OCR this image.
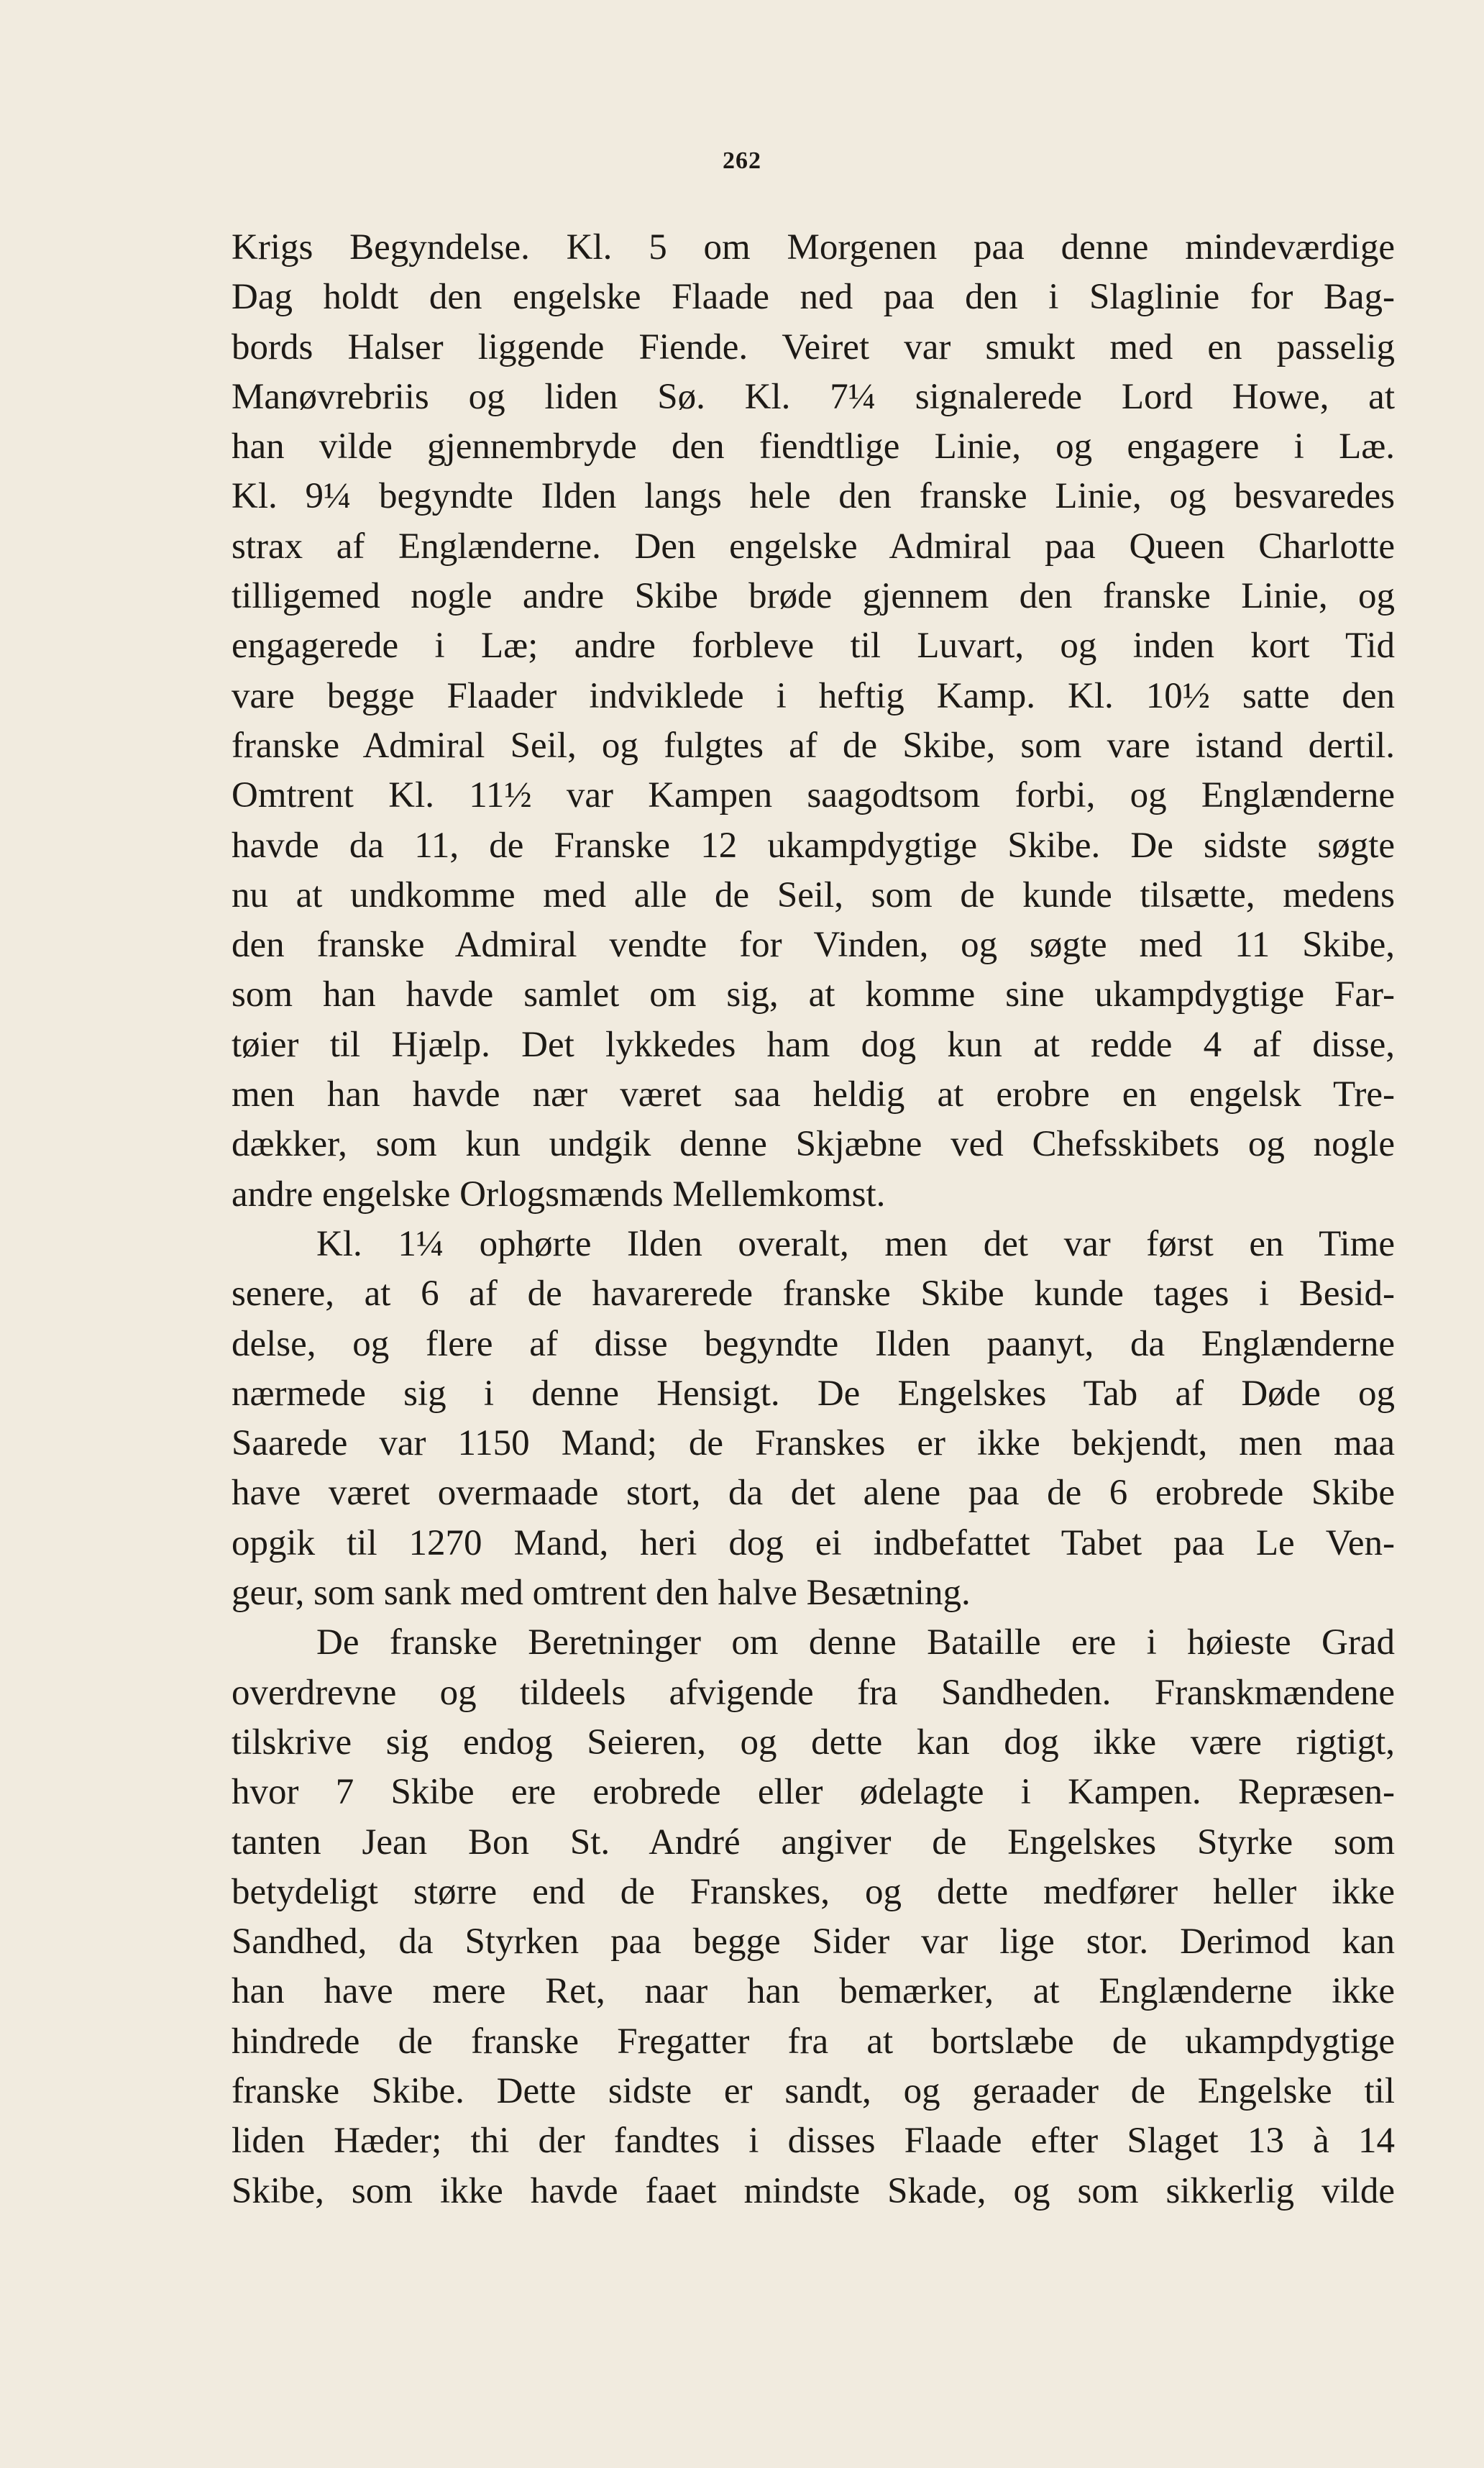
262
Krigs Begyndelse. Kl. 5 om Morgenen paa denne mindeværdige
Dag holdt den engelske Flaade ned paa den i Slaglinie for Bag-
bords Halser liggende Fiende. Veiret var smukt med en passelig
Manøvrebriis og liden Sø. Kl. 7¼ signalerede Lord Howe, at
han vilde gjennembryde den fiendtlige Linie, og engagere i Læ.
Kl. 9¼ begyndte Ilden langs hele den franske Linie, og besvaredes
strax af Englænderne. Den engelske Admiral paa Queen Charlotte
tilligemed nogle andre Skibe brøde gjennem den franske Linie, og
engagerede i Læ; andre forbleve til Luvart, og inden kort Tid
vare begge Flaader indviklede i heftig Kamp. Kl. 10½ satte den
franske Admiral Seil, og fulgtes af de Skibe, som vare istand dertil.
Omtrent Kl. 11½ var Kampen saagodtsom forbi, og Englænderne
havde da 11, de Franske 12 ukampdygtige Skibe. De sidste søgte
nu at undkomme med alle de Seil, som de kunde tilsætte, medens
den franske Admiral vendte for Vinden, og søgte med 11 Skibe,
som han havde samlet om sig, at komme sine ukampdygtige Far-
tøier til Hjælp. Det lykkedes ham dog kun at redde 4 af disse,
men han havde nær været saa heldig at erobre en engelsk Tre-
dækker, som kun undgik denne Skjæbne ved Chefsskibets og nogle
andre engelske Orlogsmænds Mellemkomst.
Kl. 1¼ ophørte Ilden overalt, men det var først en Time
senere, at 6 af de havarerede franske Skibe kunde tages i Besid-
delse, og flere af disse begyndte Ilden paanyt, da Englænderne
nærmede sig i denne Hensigt. De Engelskes Tab af Døde og
Saarede var 1150 Mand; de Franskes er ikke bekjendt, men maa
have været overmaade stort, da det alene paa de 6 erobrede Skibe
opgik til 1270 Mand, heri dog ei indbefattet Tabet paa Le Ven-
geur, som sank med omtrent den halve Besætning.
De franske Beretninger om denne Bataille ere i høieste Grad
overdrevne og tildeels afvigende fra Sandheden. Franskmændene
tilskrive sig endog Seieren, og dette kan dog ikke være rigtigt,
hvor 7 Skibe ere erobrede eller ødelagte i Kampen. Repræsen-
tanten Jean Bon St. André angiver de Engelskes Styrke som
betydeligt større end de Franskes, og dette medfører heller ikke
Sandhed, da Styrken paa begge Sider var lige stor. Derimod kan
han have mere Ret, naar han bemærker, at Englænderne ikke
hindrede de franske Fregatter fra at bortslæbe de ukampdygtige
franske Skibe. Dette sidste er sandt, og geraader de Engelske til
liden Hæder; thi der fandtes i disses Flaade efter Slaget 13 à 14
Skibe, som ikke havde faaet mindste Skade, og som sikkerlig vilde
